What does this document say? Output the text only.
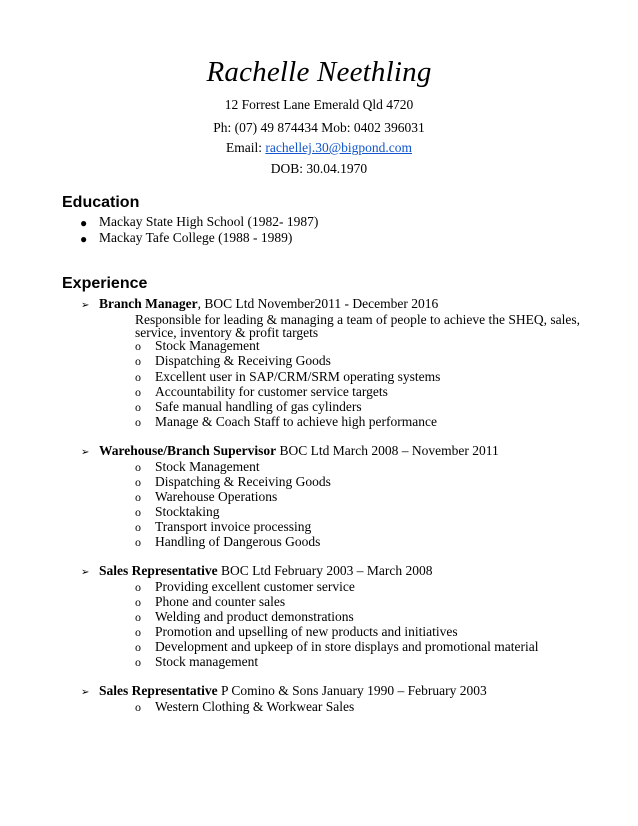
Rachelle Neethling
12 Forrest Lane Emerald Qld 4720
Ph: (07) 49 874434 Mob: 0402 396031
Email: rachellej.30@bigpond.com
DOB: 30.04.1970
Education
● Mackay State High School (1982- 1987)
● Mackay Tafe College (1988 - 1989)
Experience
➢ Branch Manager, BOC Ltd November2011 - December 2016
Responsible for leading & managing a team of people to achieve the SHEQ, sales,
service, inventory & profit targets
o Stock Management
o Dispatching & Receiving Goods
o Excellent user in SAP/CRM/SRM operating systems
o Accountability for customer service targets
o Safe manual handling of gas cylinders
o Manage & Coach Staff to achieve high performance
➢ Warehouse/Branch Supervisor BOC Ltd March 2008 – November 2011
o Stock Management
o Dispatching & Receiving Goods
o Warehouse Operations
o Stocktaking
o Transport invoice processing
o Handling of Dangerous Goods
➢ Sales Representative BOC Ltd February 2003 – March 2008
o Providing excellent customer service
o Phone and counter sales
o Welding and product demonstrations
o Promotion and upselling of new products and initiatives
o Development and upkeep of in store displays and promotional material
o Stock management
➢ Sales Representative P Comino & Sons January 1990 – February 2003
o Western Clothing & Workwear Sales
